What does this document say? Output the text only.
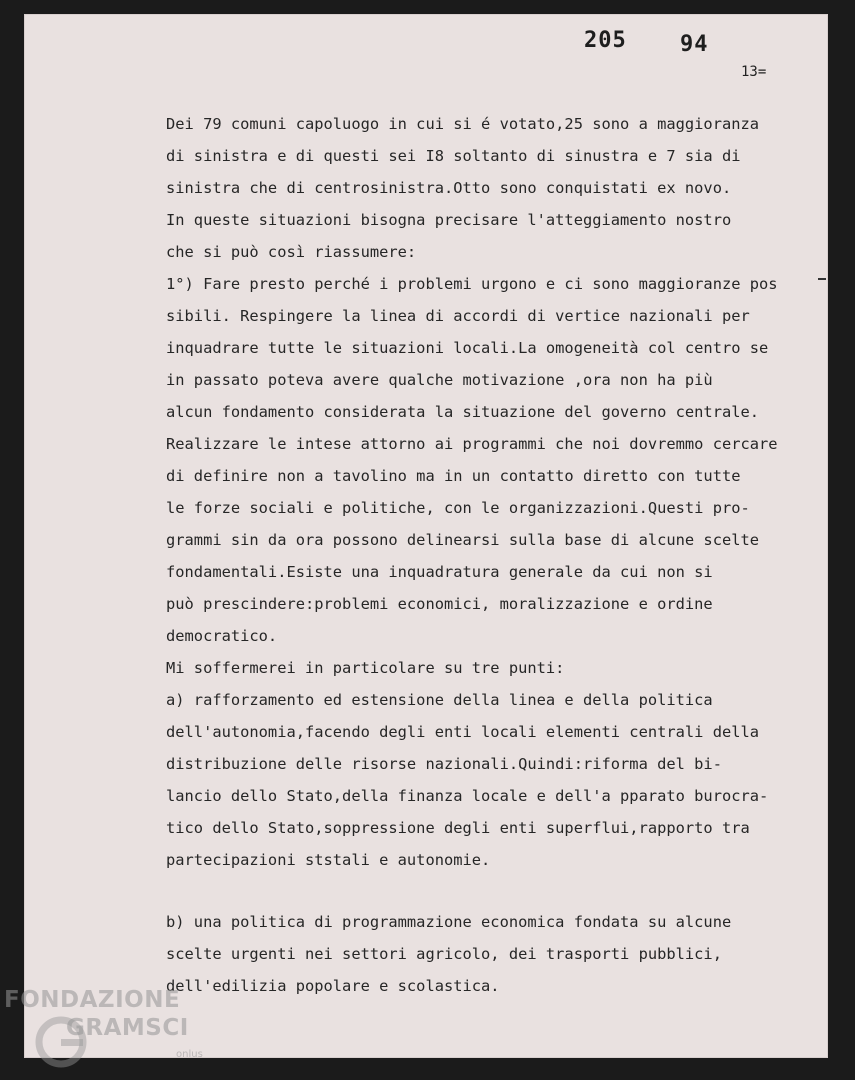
205 94
13=
Dei 79 comuni capoluogo in cui si é votato,25 sono a maggioranza
di sinistra e di questi sei I8 soltanto di sinustra e 7 sia di
sinistra che di centrosinistra.Otto sono conquistati ex novo.
In queste situazioni bisogna precisare l'atteggiamento nostro
che si può così riassumere:
1°) Fare presto perché i problemi urgono e ci sono maggioranze pos
sibili. Respingere la linea di accordi di vertice nazionali per
inquadrare tutte le situazioni locali.La omogeneità col centro se
in passato poteva avere qualche motivazione ,ora non ha più
alcun fondamento considerata la situazione del governo centrale.
Realizzare le intese attorno ai programmi che noi dovremmo cercare
di definire non a tavolino ma in un contatto diretto con tutte
le forze sociali e politiche, con le organizzazioni.Questi pro-
grammi sin da ora possono delinearsi sulla base di alcune scelte
fondamentali.Esiste una inquadratura generale da cui non si
può prescindere:problemi economici, moralizzazione e ordine
democratico.
Mi soffermerei in particolare su tre punti:
a) rafforzamento ed estensione della linea e della politica
dell'autonomia,facendo degli enti locali elementi centrali della
distribuzione delle risorse nazionali.Quindi:riforma del bi-
lancio dello Stato,della finanza locale e dell'a pparato burocra-
tico dello Stato,soppressione degli enti superflui,rapporto tra
partecipazioni ststali e autonomie.
b) una politica di programmazione economica fondata su alcune
scelte urgenti nei settori agricolo, dei trasporti pubblici,
dell'edilizia popolare e scolastica.
FONDAZIONE
GRAMSCI
onlus
